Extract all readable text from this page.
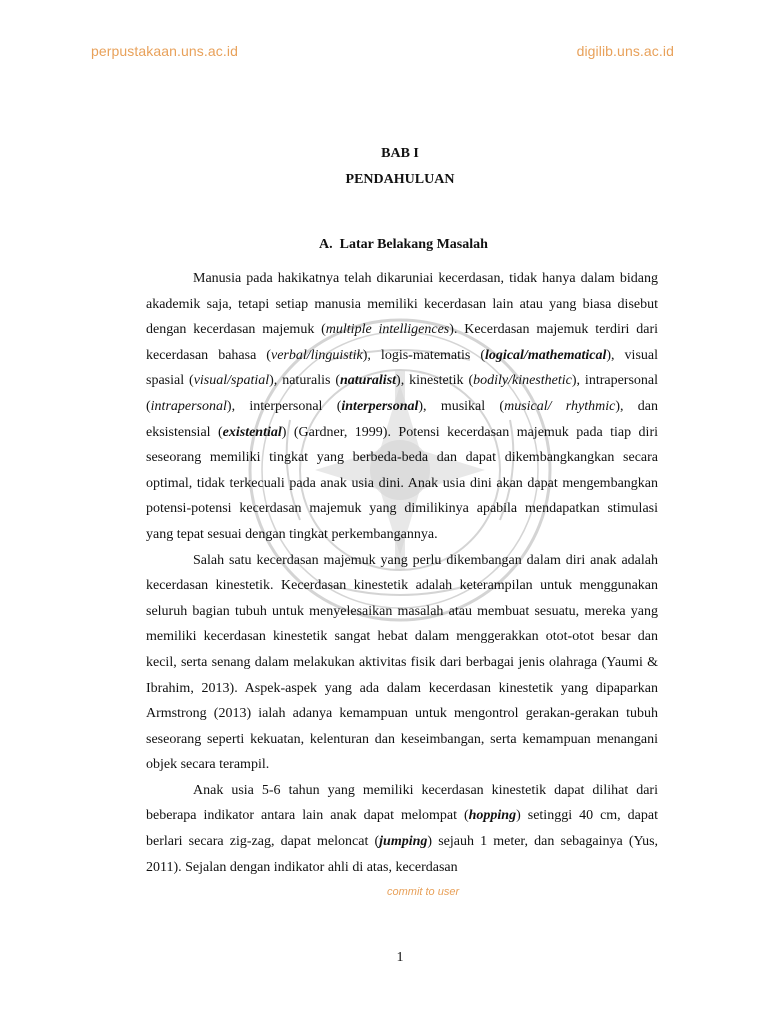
perpustakaan.uns.ac.id	digilib.uns.ac.id
BAB I
PENDAHULUAN
A.  Latar Belakang Masalah

Manusia pada hakikatnya telah dikaruniai kecerdasan, tidak hanya dalam bidang akademik saja, tetapi setiap manusia memiliki kecerdasan lain atau yang biasa disebut dengan kecerdasan majemuk (multiple intelligences). Kecerdasan majemuk terdiri dari kecerdasan bahasa (verbal/linguistik), logis-matematis (logical/mathematical), visual spasial (visual/spatial), naturalis (naturalist), kinestetik (bodily/kinesthetic), intrapersonal (intrapersonal), interpersonal (interpersonal), musikal (musical/ rhythmic), dan eksistensial (existential) (Gardner, 1999). Potensi kecerdasan majemuk pada tiap diri seseorang memiliki tingkat yang berbeda-beda dan dapat dikembangkangkan secara optimal, tidak terkecuali pada anak usia dini. Anak usia dini akan dapat mengembangkan potensi-potensi kecerdasan majemuk yang dimilikinya apabila mendapatkan stimulasi yang tepat sesuai dengan tingkat perkembangannya.

Salah satu kecerdasan majemuk yang perlu dikembangan dalam diri anak adalah kecerdasan kinestetik. Kecerdasan kinestetik adalah keterampilan untuk menggunakan seluruh bagian tubuh untuk menyelesaikan masalah atau membuat sesuatu, mereka yang memiliki kecerdasan kinestetik sangat hebat dalam menggerakkan otot-otot besar dan kecil, serta senang dalam melakukan aktivitas fisik dari berbagai jenis olahraga (Yaumi & Ibrahim, 2013). Aspek-aspek yang ada dalam kecerdasan kinestetik yang dipaparkan Armstrong (2013) ialah adanya kemampuan untuk mengontrol gerakan-gerakan tubuh seseorang seperti kekuatan, kelenturan dan keseimbangan, serta kemampuan menangani objek secara terampil.

Anak usia 5-6 tahun yang memiliki kecerdasan kinestetik dapat dilihat dari beberapa indikator antara lain anak dapat melompat (hopping) setinggi 40 cm, dapat berlari secara zig-zag, dapat meloncat (jumping) sejauh 1 meter, dan sebagainya (Yus, 2011). Sejalan dengan indikator ahli di atas, kecerdasan

commit to user
1
